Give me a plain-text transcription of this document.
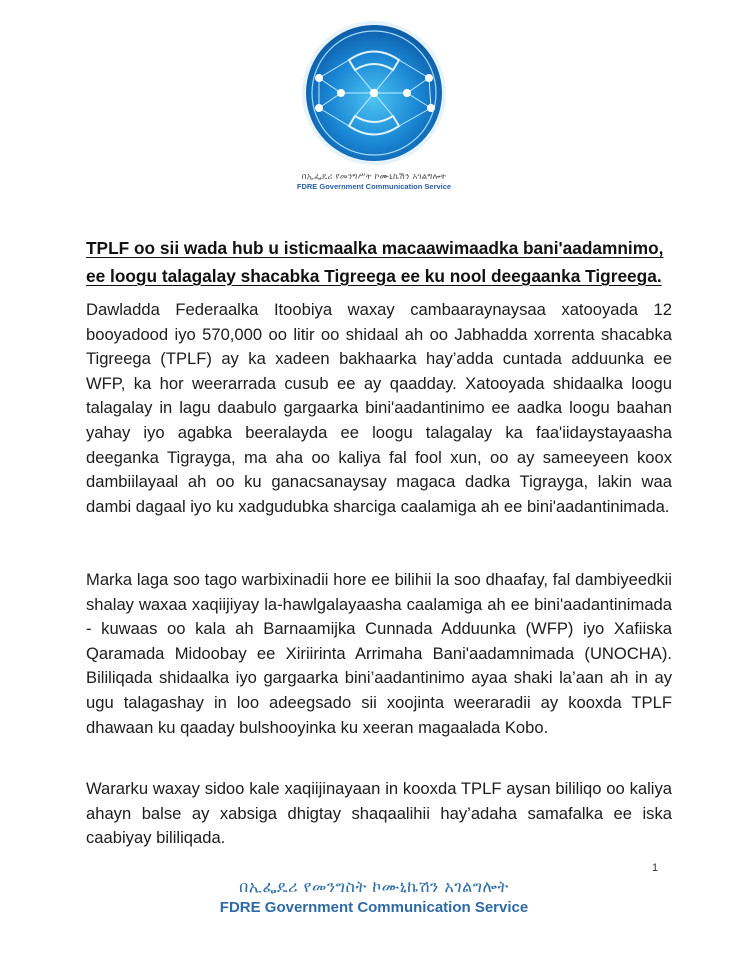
በኢፌዴሪ የመንግሥት ኮሙኒኬሽን አገልግሎት
FDRE Government Communication Service
TPLF oo sii wada hub u isticmaalka macaawimaadka bani'aadamnimo, ee loogu talagalay shacabka Tigreega ee ku nool deegaanka Tigreega.
Dawladda Federaalka Itoobiya waxay cambaaraynaysaa xatooyada 12 booyadood iyo 570,000 oo litir oo shidaal ah oo Jabhadda xorrenta shacabka Tigreega (TPLF) ay ka xadeen bakhaarka hay’adda cuntada adduunka ee WFP, ka hor weerarrada cusub ee ay qaadday. Xatooyada shidaalka loogu talagalay in lagu daabulo gargaarka bini'aadantinimo ee aadka loogu baahan yahay iyo agabka beeralayda ee loogu talagalay ka faa'iidaystayaasha deeganka Tigrayga, ma aha oo kaliya fal fool xun, oo ay sameeyeen koox dambiilayaal ah oo ku ganacsanaysay magaca dadka Tigrayga, lakin waa dambi dagaal iyo ku xadgudubka sharciga caalamiga ah ee bini'aadantinimada.
Marka laga soo tago warbixinadii hore ee bilihii la soo dhaafay, fal dambiyeedkii shalay waxaa xaqiijiyay la-hawlgalayaasha caalamiga ah ee bini'aadantinimada - kuwaas oo kala ah Barnaamijka Cunnada Adduunka (WFP) iyo Xafiiska Qaramada Midoobay ee Xiriirinta Arrimaha Bani'aadamnimada (UNOCHA). Bililiqada shidaalka iyo gargaarka bini’aadantinimo ayaa shaki la’aan ah in ay ugu talagashay in loo adeegsado sii xoojinta weeraradii ay kooxda TPLF dhawaan ku qaaday bulshooyinka ku xeeran magaalada Kobo.
Wararku waxay sidoo kale xaqiijinayaan in kooxda TPLF aysan bililiqo oo kaliya ahayn balse ay xabsiga dhigtay shaqaalihii hay’adaha samafalka ee iska caabiyay bililiqada.
1
በኢፌዴሪ የመንግስት ኮሙኒኬሽን አገልግሎት
FDRE Government Communication Service
